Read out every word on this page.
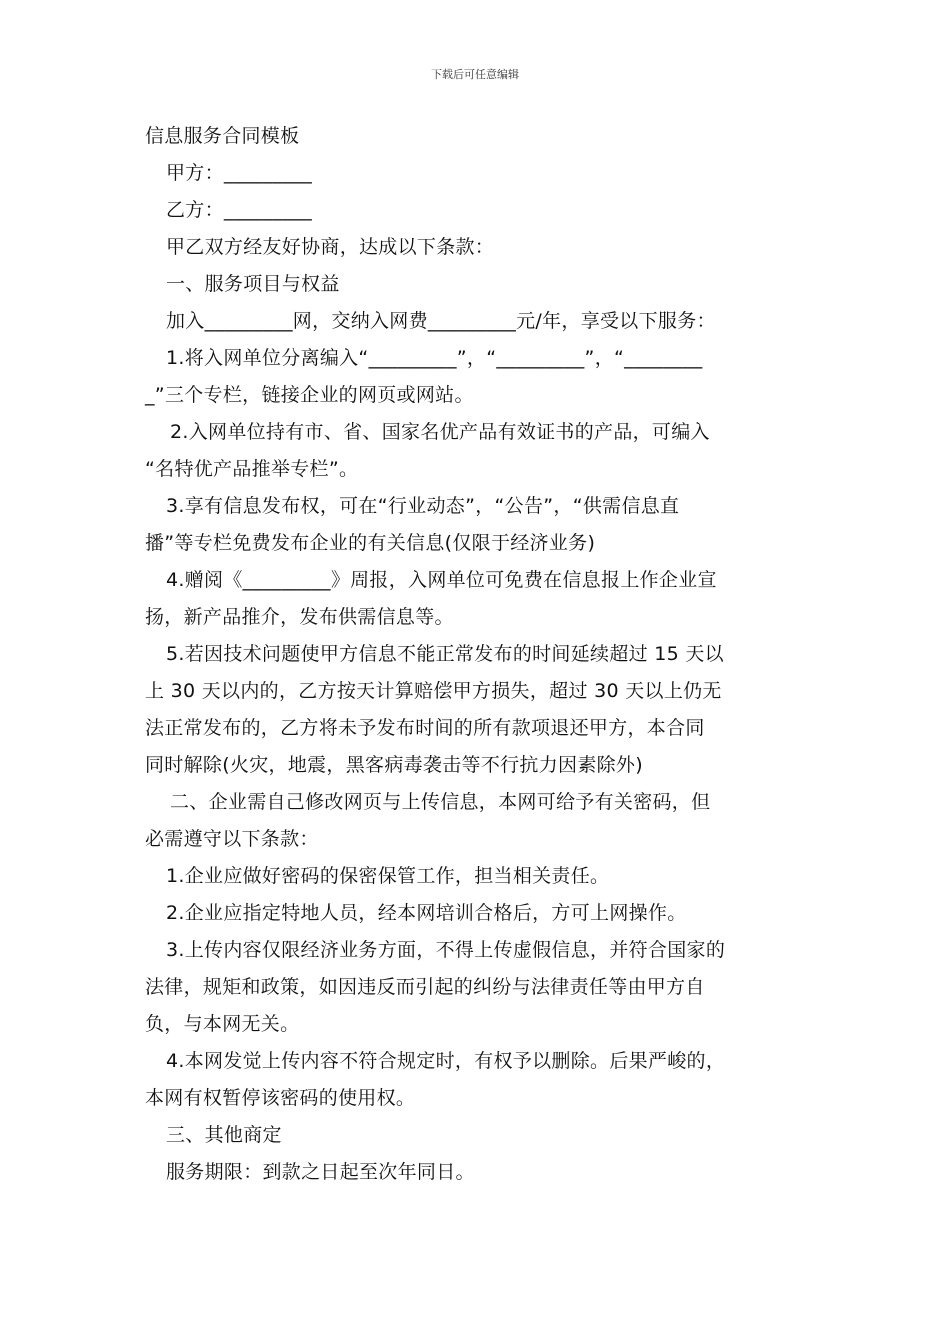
下载后可任意编辑
信息服务合同模板
甲方：_________
乙方：_________
甲乙双方经友好协商，达成以下条款：
一、服务项目与权益
加入_________网，交纳入网费_________元/年，享受以下服务：
1.将入网单位分离编入“_________”，“_________”，“________
_”三个专栏，链接企业的网页或网站。
2.入网单位持有市、省、国家名优产品有效证书的产品，可编入
“名特优产品推举专栏”。
3.享有信息发布权，可在“行业动态”，“公告”，“供需信息直
播”等专栏免费发布企业的有关信息(仅限于经济业务)
4.赠阅《_________》周报，入网单位可免费在信息报上作企业宣
扬，新产品推介，发布供需信息等。
5.若因技术问题使甲方信息不能正常发布的时间延续超过 15 天以
上 30 天以内的，乙方按天计算赔偿甲方损失，超过 30 天以上仍无
法正常发布的，乙方将未予发布时间的所有款项退还甲方，本合同
同时解除(火灾，地震，黑客病毒袭击等不行抗力因素除外)
二、企业需自己修改网页与上传信息，本网可给予有关密码，但
必需遵守以下条款：
1.企业应做好密码的保密保管工作，担当相关责任。
2.企业应指定特地人员，经本网培训合格后，方可上网操作。
3.上传内容仅限经济业务方面，不得上传虚假信息，并符合国家的
法律，规矩和政策，如因违反而引起的纠纷与法律责任等由甲方自
负，与本网无关。
4.本网发觉上传内容不符合规定时，有权予以删除。后果严峻的，
本网有权暂停该密码的使用权。
三、其他商定
服务期限：到款之日起至次年同日。
